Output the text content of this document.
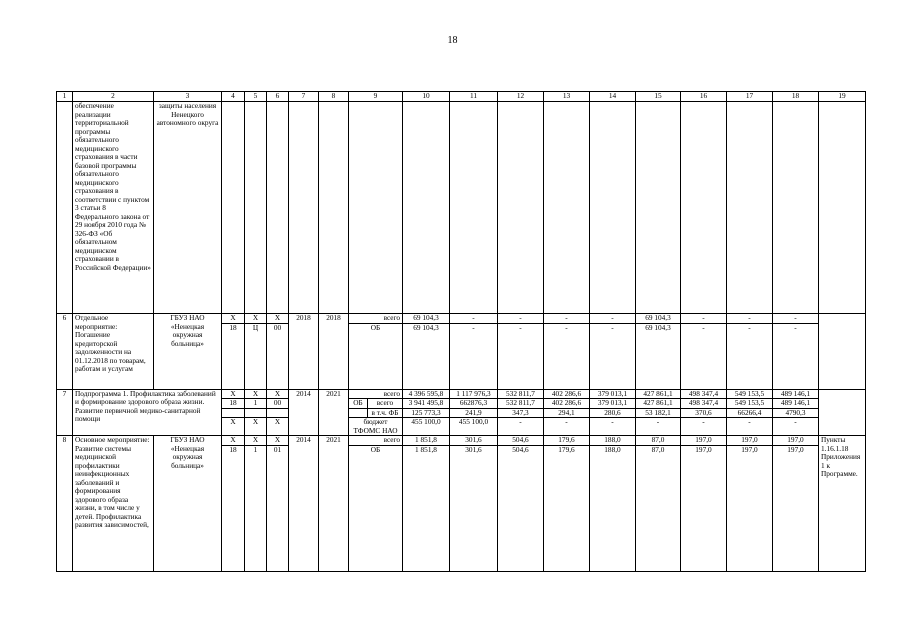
18
1	2	3	4	5	6	7	8	9	10	11	12	13	14	15	16	17	18	19
	обеспечение реализации территориальной программы обязательного медицинского страхования в части базовой программы обязательного медицинского страхования в соответствии с пунктом 3 статьи 8 Федерального закона от 29 ноября 2010 года № 326-ФЗ «Об обязательном медицинском страховании в Российской Федерации»	защиты населения Ненецкого автономного округа																
6	Отдельное мероприятие: Погашение кредиторской задолженности на 01.12.2018 по товарам, работам и услугам	ГБУЗ НАО «Ненецкая окружная больница»	Х	Х	Х	2018	2018	всего	69 104,3	-	-	-	-	69 104,3	-	-	-	
			18	Ц	00			ОБ	69 104,3	-	-	-	-	69 104,3	-	-	-	
7	Подпрограмма 1. Профилактика заболеваний и формирование здорового образа жизни. Развитие первичной медико-санитарной помощи		Х	Х	Х	2014	2021	всего	4 396 595,8	1 117 976,3	532 811,7	402 286,6	379 013,1	427 861,1	498 347,4	549 153,5	489 146,1	
			18	1	00			ОБ всего	3 941 495,8	662876,3	532 811,7	402 286,6	379 013,1	427 861,1	498 347,4	549 153,5	489 146,1	

								в т.ч. ФБ	125 773,3	241,9	347,3	294,1	280,6	53 182,1	370,6	66266,4	4790,3	
			Х	Х	Х			бюджет ТФОМС НАО	455 100,0	455 100,0	-	-	-	-	-	-	-	
8	Основное мероприятие: Развитие системы медицинской профилактики неинфекционных заболеваний и формирования здорового образа жизни, в том числе у детей. Профилактика развития зависимостей,	ГБУЗ НАО «Ненецкая окружная больница»	Х	Х	Х	2014	2021	всего	1 851,8	301,6	504,6	179,6	188,0	87,0	197,0	197,0	197,0	Пункты 1.16.1.18 Приложения 1 к Программе.
			18	1	01			ОБ	1 851,8	301,6	504,6	179,6	188,0	87,0	197,0	197,0	197,0	
